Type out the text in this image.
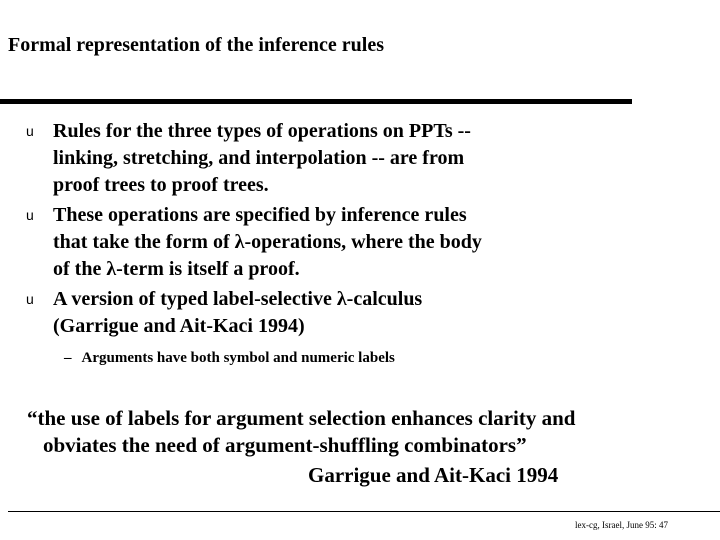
Formal representation of the inference rules
u Rules for the three types of operations on PPTs --
linking, stretching, and interpolation -- are from
proof trees to proof trees.
u These operations are specified by inference rules
that take the form of λ-operations, where the body
of the λ-term is itself a proof.
u A version of typed label-selective λ-calculus
(Garrigue and Ait-Kaci 1994)
– Arguments have both symbol and numeric labels
“the use of labels for argument selection enhances clarity and
obviates the need of argument-shuffling combinators”
Garrigue and Ait-Kaci 1994
lex-cg, Israel, June 95: 47
